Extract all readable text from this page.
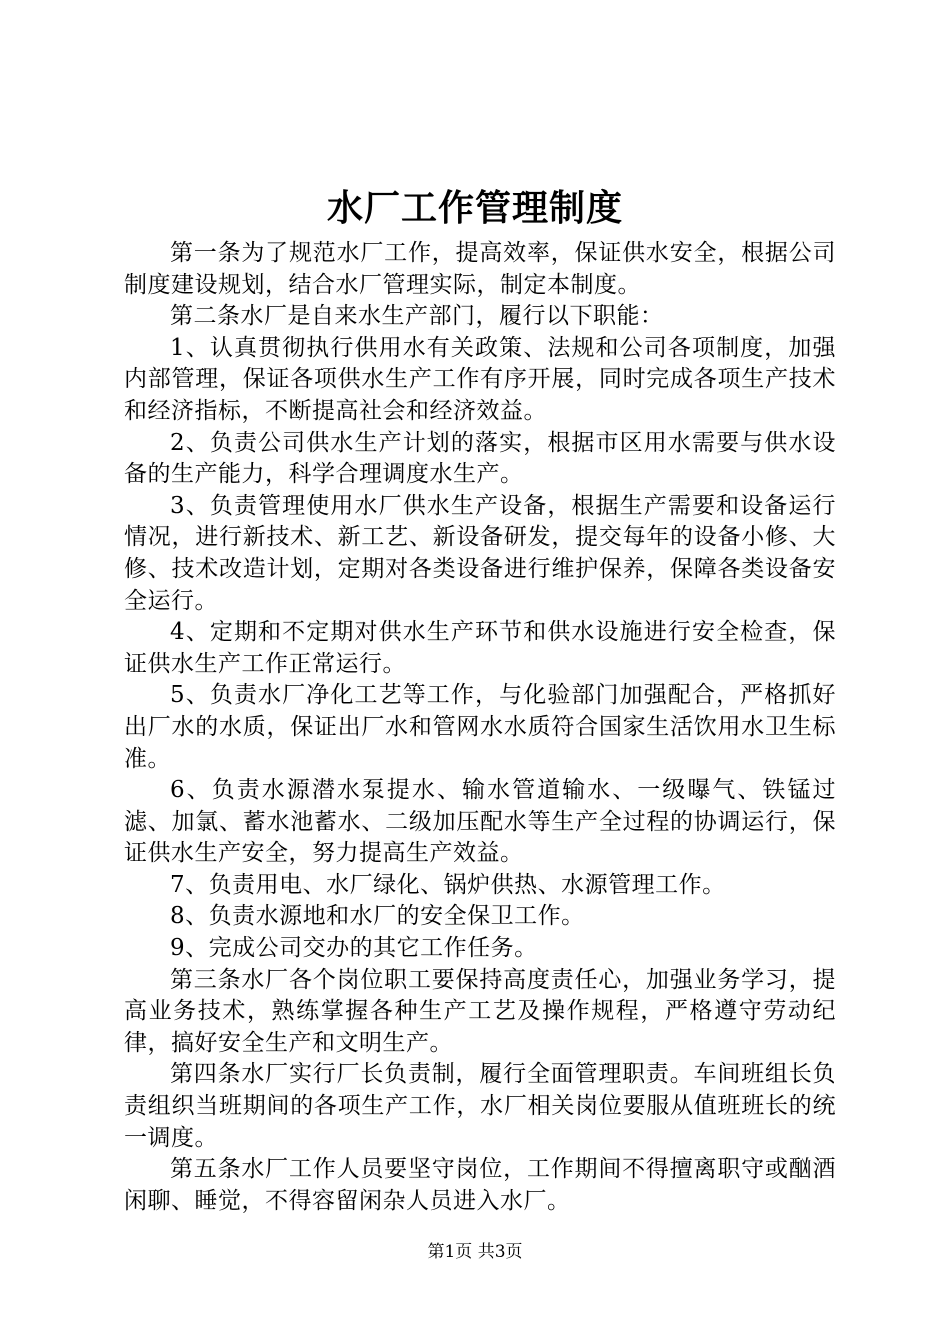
水厂工作管理制度

第一条为了规范水厂工作，提高效率，保证供水安全，根据公司制度建设规划，结合水厂管理实际，制定本制度。

第二条水厂是自来水生产部门，履行以下职能：

1、认真贯彻执行供用水有关政策、法规和公司各项制度，加强内部管理，保证各项供水生产工作有序开展，同时完成各项生产技术和经济指标，不断提高社会和经济效益。

2、负责公司供水生产计划的落实，根据市区用水需要与供水设备的生产能力，科学合理调度水生产。

3、负责管理使用水厂供水生产设备，根据生产需要和设备运行情况，进行新技术、新工艺、新设备研发，提交每年的设备小修、大修、技术改造计划，定期对各类设备进行维护保养，保障各类设备安全运行。

4、定期和不定期对供水生产环节和供水设施进行安全检查，保证供水生产工作正常运行。

5、负责水厂净化工艺等工作，与化验部门加强配合，严格抓好出厂水的水质，保证出厂水和管网水水质符合国家生活饮用水卫生标准。

6、负责水源潜水泵提水、输水管道输水、一级曝气、铁锰过滤、加氯、蓄水池蓄水、二级加压配水等生产全过程的协调运行，保证供水生产安全，努力提高生产效益。

7、负责用电、水厂绿化、锅炉供热、水源管理工作。

8、负责水源地和水厂的安全保卫工作。

9、完成公司交办的其它工作任务。

第三条水厂各个岗位职工要保持高度责任心，加强业务学习，提高业务技术，熟练掌握各种生产工艺及操作规程，严格遵守劳动纪律，搞好安全生产和文明生产。

第四条水厂实行厂长负责制，履行全面管理职责。车间班组长负责组织当班期间的各项生产工作，水厂相关岗位要服从值班班长的统一调度。

第五条水厂工作人员要坚守岗位，工作期间不得擅离职守或酗酒闲聊、睡觉，不得容留闲杂人员进入水厂。

第1页 共3页
